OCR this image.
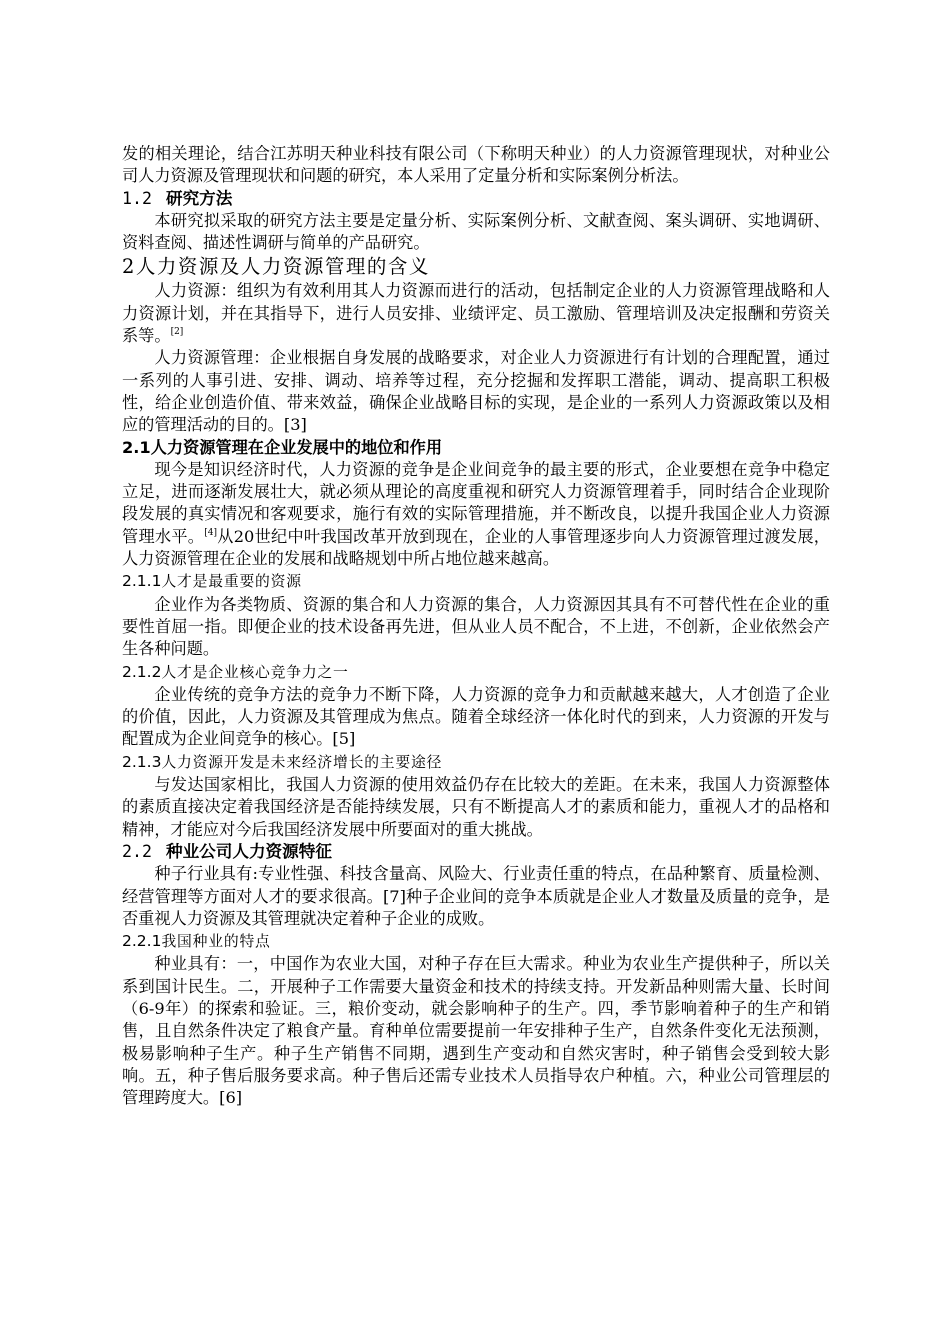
发的相关理论，结合江苏明天种业科技有限公司（下称明天种业）的人力资源管理现状，对种业公司人力资源及管理现状和问题的研究，本人采用了定量分析和实际案例分析法。

1.2 研究方法

本研究拟采取的研究方法主要是定量分析、实际案例分析、文献查阅、案头调研、实地调研、资料查阅、描述性调研与简单的产品研究。

2人力资源及人力资源管理的含义

人力资源：组织为有效利用其人力资源而进行的活动，包括制定企业的人力资源管理战略和人力资源计划，并在其指导下，进行人员安排、业绩评定、员工激励、管理培训及决定报酬和劳资关系等。[2]

人力资源管理：企业根据自身发展的战略要求，对企业人力资源进行有计划的合理配置，通过一系列的人事引进、安排、调动、培养等过程，充分挖掘和发挥职工潜能，调动、提高职工积极性，给企业创造价值、带来效益，确保企业战略目标的实现，是企业的一系列人力资源政策以及相应的管理活动的目的。[3]

2.1人力资源管理在企业发展中的地位和作用

现今是知识经济时代，人力资源的竞争是企业间竞争的最主要的形式，企业要想在竞争中稳定立足，进而逐渐发展壮大，就必须从理论的高度重视和研究人力资源管理着手，同时结合企业现阶段发展的真实情况和客观要求，施行有效的实际管理措施，并不断改良，以提升我国企业人力资源管理水平。[4]从20世纪中叶我国改革开放到现在，企业的人事管理逐步向人力资源管理过渡发展，人力资源管理在企业的发展和战略规划中所占地位越来越高。

2.1.1人才是最重要的资源

企业作为各类物质、资源的集合和人力资源的集合，人力资源因其具有不可替代性在企业的重要性首屈一指。即便企业的技术设备再先进，但从业人员不配合，不上进，不创新，企业依然会产生各种问题。

2.1.2人才是企业核心竞争力之一

企业传统的竞争方法的竞争力不断下降，人力资源的竞争力和贡献越来越大，人才创造了企业的价值，因此，人力资源及其管理成为焦点。随着全球经济一体化时代的到来，人力资源的开发与配置成为企业间竞争的核心。[5]

2.1.3人力资源开发是未来经济增长的主要途径

与发达国家相比，我国人力资源的使用效益仍存在比较大的差距。在未来，我国人力资源整体的素质直接决定着我国经济是否能持续发展，只有不断提高人才的素质和能力，重视人才的品格和精神，才能应对今后我国经济发展中所要面对的重大挑战。

2.2 种业公司人力资源特征

种子行业具有:专业性强、科技含量高、风险大、行业责任重的特点，在品种繁育、质量检测、经营管理等方面对人才的要求很高。[7]种子企业间的竞争本质就是企业人才数量及质量的竞争，是否重视人力资源及其管理就决定着种子企业的成败。

2.2.1我国种业的特点

种业具有：一，中国作为农业大国，对种子存在巨大需求。种业为农业生产提供种子，所以关系到国计民生。二，开展种子工作需要大量资金和技术的持续支持。开发新品种则需大量、长时间（6-9年）的探索和验证。三，粮价变动，就会影响种子的生产。四，季节影响着种子的生产和销售，且自然条件决定了粮食产量。育种单位需要提前一年安排种子生产，自然条件变化无法预测，极易影响种子生产。种子生产销售不同期，遇到生产变动和自然灾害时，种子销售会受到较大影响。五，种子售后服务要求高。种子售后还需专业技术人员指导农户种植。六，种业公司管理层的管理跨度大。[6]
